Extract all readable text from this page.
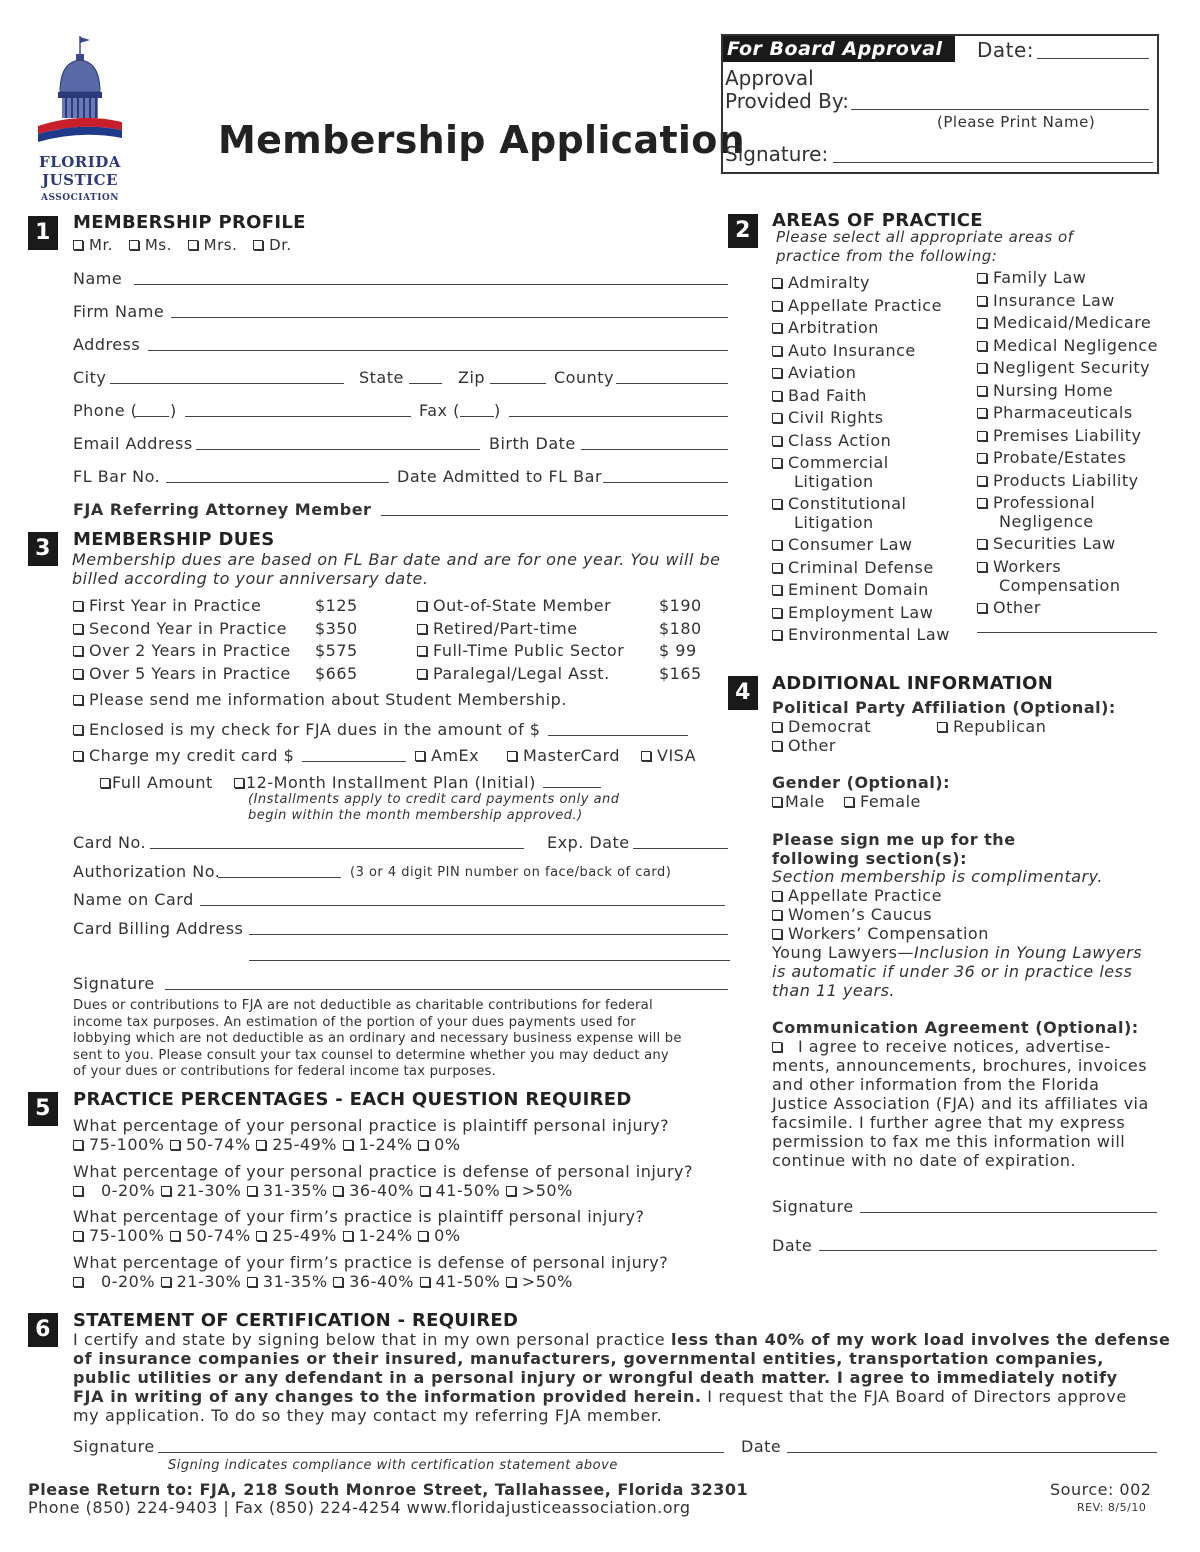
FLORIDA
JUSTICE
ASSOCIATION
Membership Application
For Board Approval	Date:
Approval
Provided By:
(Please Print Name)
Signature:
1	MEMBERSHIP PROFILE
Mr. Ms. Mrs. Dr.
Name
Firm Name
Address
City	State	Zip	County
Phone ( )	Fax ( )
Email Address	Birth Date
FL Bar No.	Date Admitted to FL Bar
FJA Referring Attorney Member
2	AREAS OF PRACTICE
Please select all appropriate areas of
practice from the following:
Admiralty
Appellate Practice
Arbitration
Auto Insurance
Aviation
Bad Faith
Civil Rights
Class Action
Commercial
Litigation
Constitutional
Litigation
Consumer Law
Criminal Defense
Eminent Domain
Employment Law
Environmental Law
Family Law
Insurance Law
Medicaid/Medicare
Medical Negligence
Negligent Security
Nursing Home
Pharmaceuticals
Premises Liability
Probate/Estates
Products Liability
Professional
Negligence
Securities Law
Workers
Compensation
Other
3	MEMBERSHIP DUES
Membership dues are based on FL Bar date and are for one year. You will be
billed according to your anniversary date.
First Year in Practice	$125
Second Year in Practice $350
Over 2 Years in Practice $575
Over 5 Years in Practice $665
Out-of-State Member	$190
Retired/Part-time	$180
Full-Time Public Sector $ 99
Paralegal/Legal Asst.	$165
Please send me information about Student Membership.
Enclosed is my check for FJA dues in the amount of $
Charge my credit card $	AmEx	MasterCard	VISA
Full Amount	12-Month Installment Plan (Initial)
(Installments apply to credit card payments only and
begin within the month membership approved.)
Card No.	Exp. Date
Authorization No.	(3 or 4 digit PIN number on face/back of card)
Name on Card
Card Billing Address
Signature
Dues or contributions to FJA are not deductible as charitable contributions for federal
income tax purposes. An estimation of the portion of your dues payments used for
lobbying which are not deductible as an ordinary and necessary business expense will be
sent to you. Please consult your tax counsel to determine whether you may deduct any
of your dues or contributions for federal income tax purposes.
4	ADDITIONAL INFORMATION
Political Party Affiliation (Optional):
Democrat	Republican
Other
Gender (Optional):
Male	Female
Please sign me up for the
following section(s):
Section membership is complimentary.
Appellate Practice
Women’s Caucus
Workers’ Compensation
Young Lawyers—Inclusion in Young Lawyers
is automatic if under 36 or in practice less
than 11 years.
Communication Agreement (Optional):
I agree to receive notices, advertise-
ments, announcements, brochures, invoices
and other information from the Florida
Justice Association (FJA) and its affiliates via
facsimile. I further agree that my express
permission to fax me this information will
continue with no date of expiration.
Signature
Date
5	PRACTICE PERCENTAGES - EACH QUESTION REQUIRED
What percentage of your personal practice is plaintiff personal injury?
75-100% 50-74% 25-49% 1-24% 0%
What percentage of your personal practice is defense of personal injury?
0-20% 21-30% 31-35% 36-40% 41-50% >50%
What percentage of your firm’s practice is plaintiff personal injury?
75-100% 50-74% 25-49% 1-24% 0%
What percentage of your firm’s practice is defense of personal injury?
0-20% 21-30% 31-35% 36-40% 41-50% >50%
6	STATEMENT OF CERTIFICATION - REQUIRED
I certify and state by signing below that in my own personal practice less than 40% of my work load involves the defense
of insurance companies or their insured, manufacturers, governmental entities, transportation companies,
public utilities or any defendant in a personal injury or wrongful death matter. I agree to immediately notify
FJA in writing of any changes to the information provided herein. I request that the FJA Board of Directors approve
my application. To do so they may contact my referring FJA member.
Signature	Date
Signing indicates compliance with certification statement above
Please Return to: FJA, 218 South Monroe Street, Tallahassee, Florida 32301
Phone (850) 224-9403 | Fax (850) 224-4254 www.floridajusticeassociation.org
Source: 002
REV: 8/5/10
